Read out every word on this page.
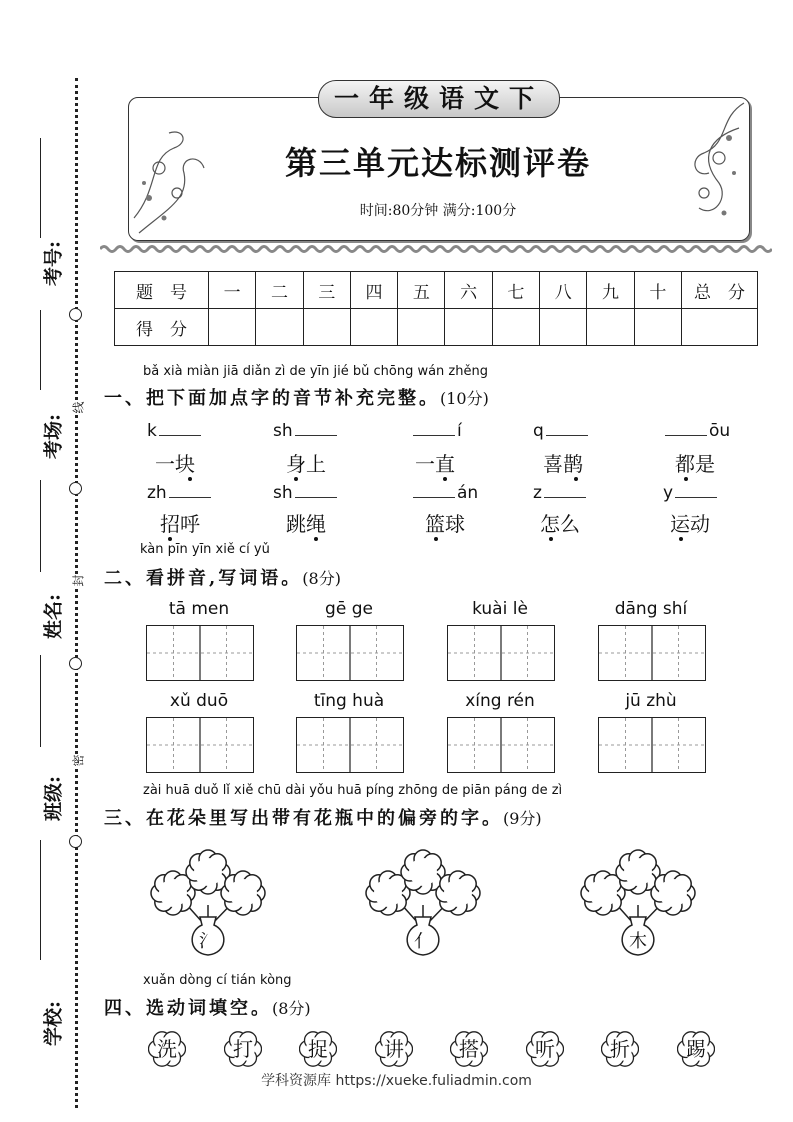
考号:
考场:
姓名:
班级:
学校:
线
封
密
一年级语文下
第三单元达标测评卷
时间:80分钟 满分:100分
题　号	一	二	三	四	五	六	七	八	九	十	总　分
得　分											
bǎ xià miàn jiā diǎn zì de yīn jié bǔ chōng wán zhěng
一、把下面加点字的音节补充完整。(10分)
k
一块
sh
身上
í
一直
q
喜鹊
ōu
都是
zh
招呼
sh
跳绳
án
篮球
z
怎么
y
运动
kàn pīn yīn xiě cí yǔ
二、看拼音,写词语。(8分)
tā men	gē ge	kuài lè	dāng shí
xǔ duō	tīng huà	xíng rén	jū zhù
zài huā duǒ lǐ xiě chū dài yǒu huā píng zhōng de piān páng de zì
三、在花朵里写出带有花瓶中的偏旁的字。(9分)
氵	亻	木
xuǎn dòng cí tián kòng
四、选动词填空。(8分)
洗	打	捉	讲	搭	听	折	踢
学科资源库 https://xueke.fuliadmin.com
